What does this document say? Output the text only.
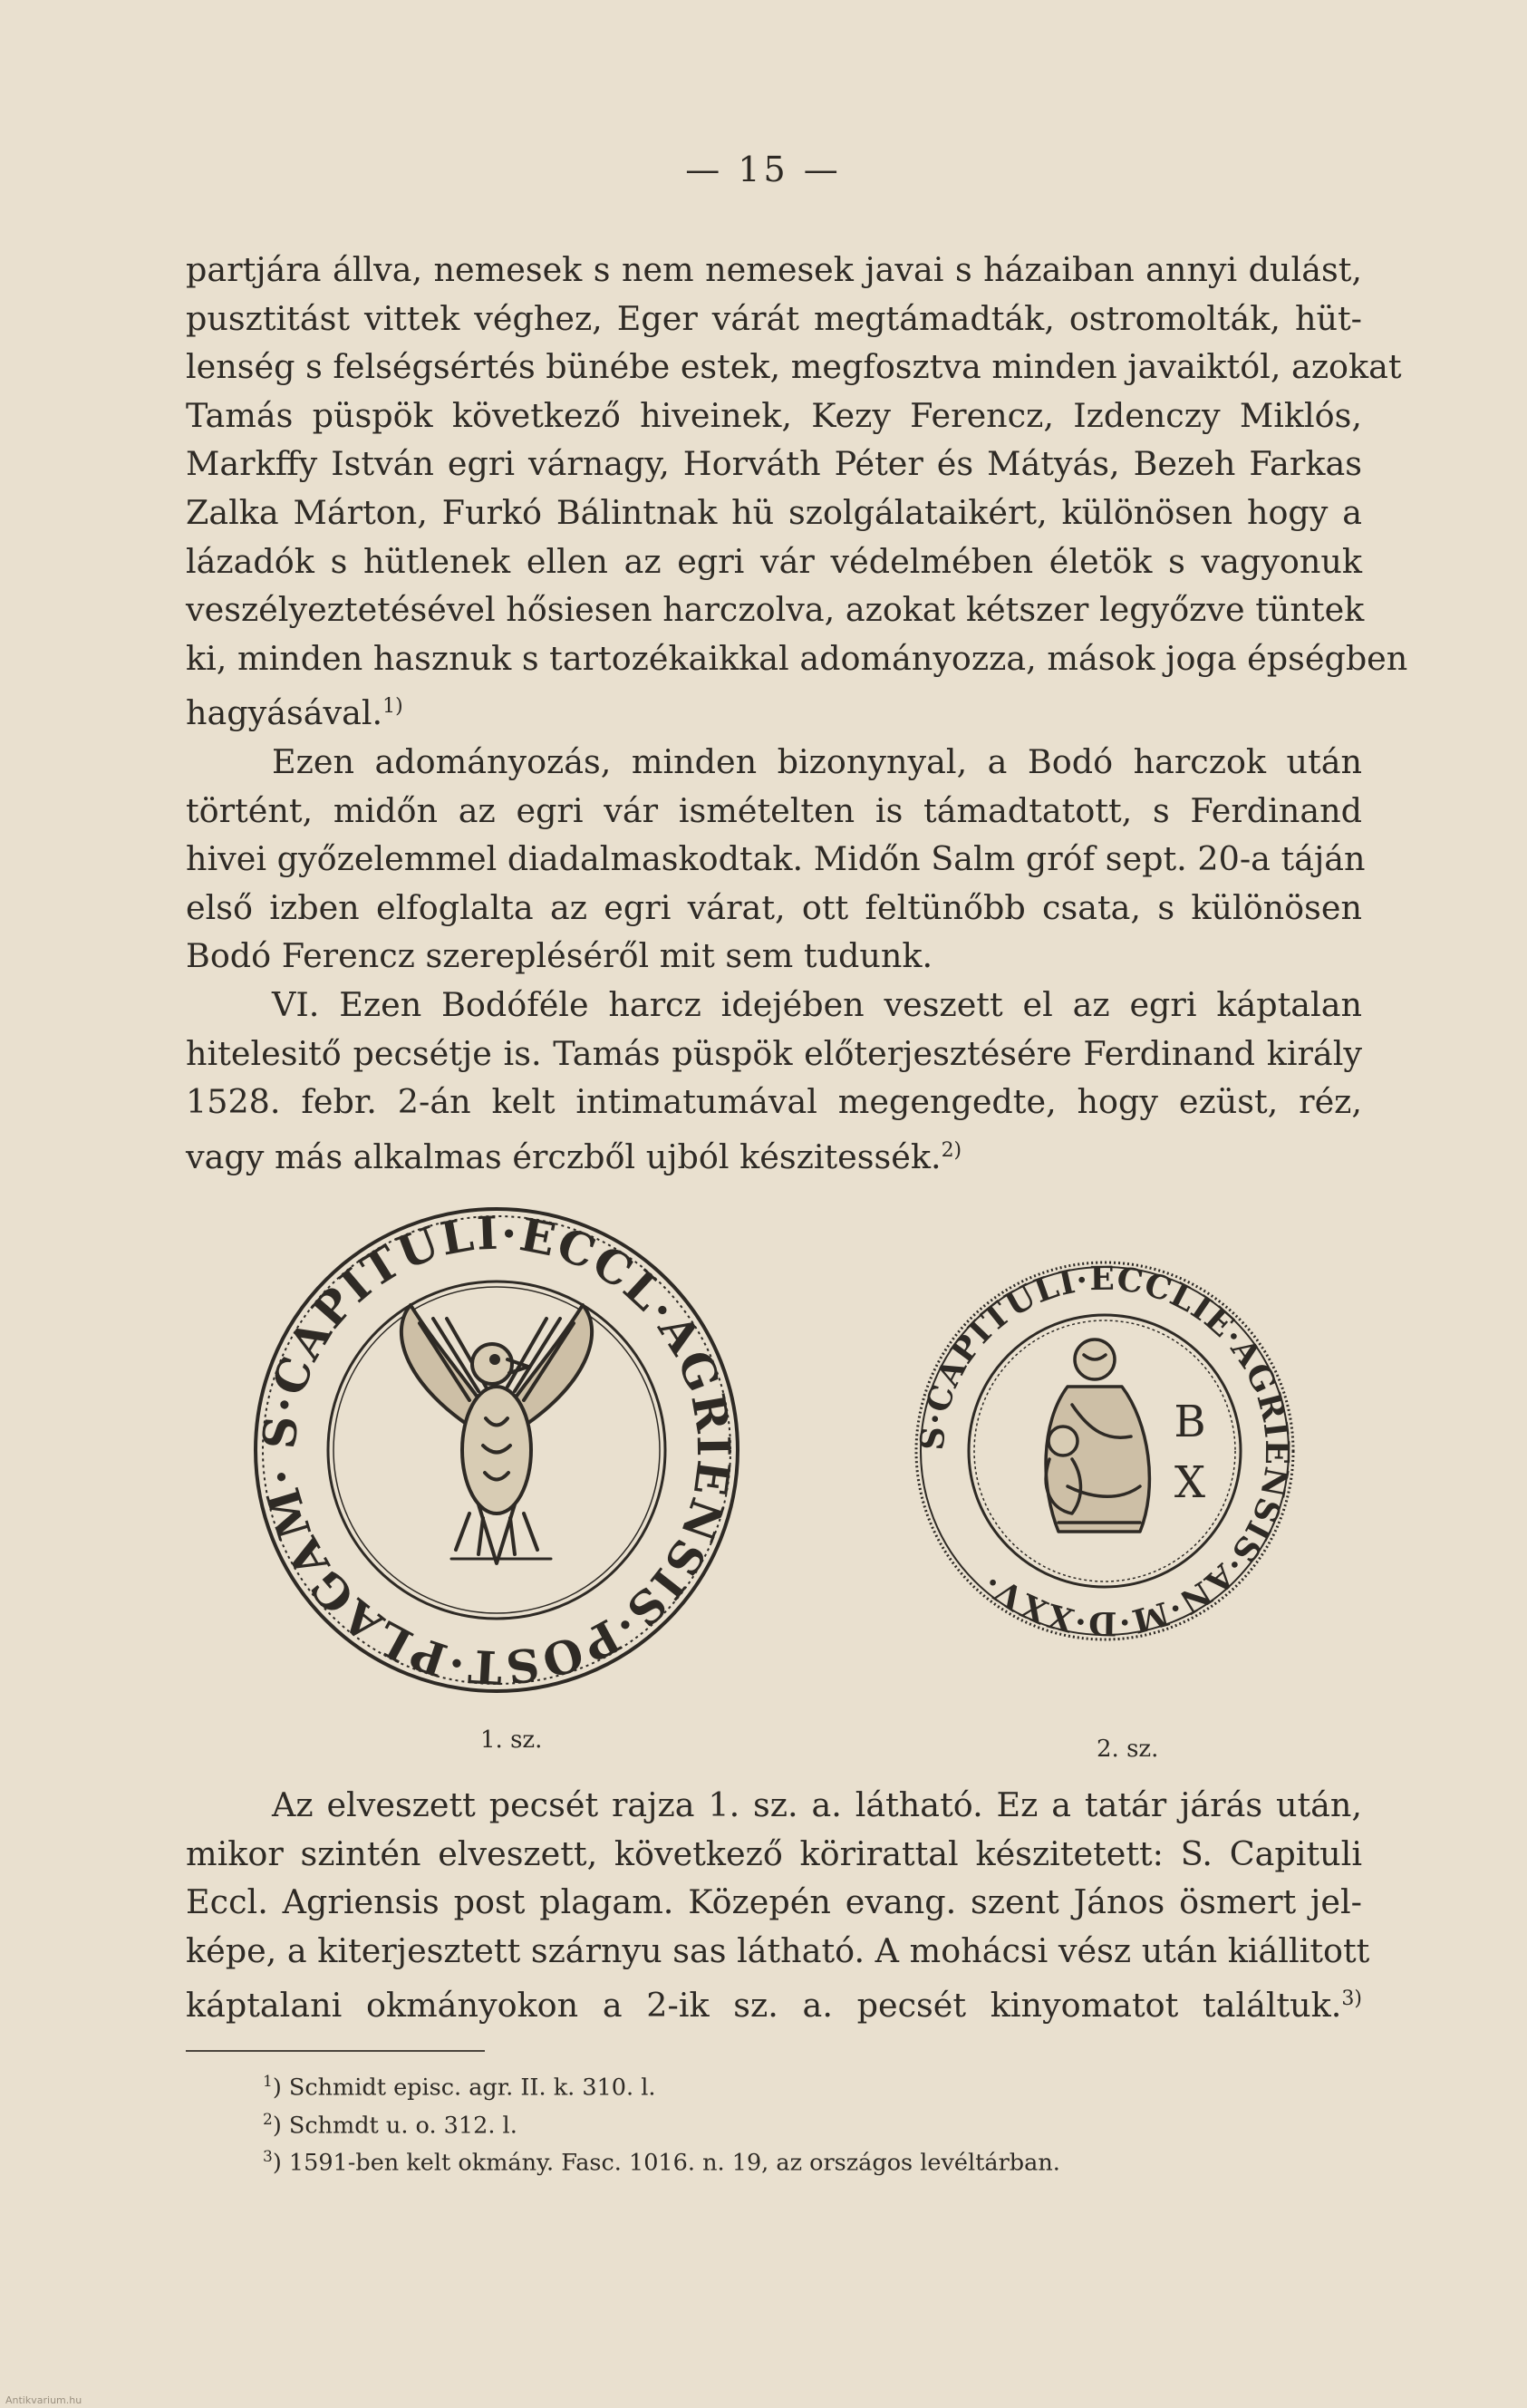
— 15 —
partjára állva, nemesek s nem nemesek javai s házaiban annyi dulást,
pusztitást vittek véghez, Eger várát megtámadták, ostromolták, hüt-
lenség s felségsértés bünébe estek, megfosztva minden javaiktól, azokat
Tamás püspök következő hiveinek, Kezy Ferencz, Izdenczy Miklós,
Markffy István egri várnagy, Horváth Péter és Mátyás, Bezeh Farkas
Zalka Márton, Furkó Bálintnak hü szolgálataikért, különösen hogy a
lázadók s hütlenek ellen az egri vár védelmében életök s vagyonuk
veszélyeztetésével hősiesen harczolva, azokat kétszer legyőzve tüntek
ki, minden hasznuk s tartozékaikkal adományozza, mások joga épségben
hagyásával.$^{1)}$
Ezen adományozás, minden bizonynyal, a Bodó harczok után
történt, midőn az egri vár ismételten is támadtatott, s Ferdinand
hivei győzelemmel diadalmaskodtak. Midőn Salm gróf sept. 20-a táján
első izben elfoglalta az egri várat, ott feltünőbb csata, s különösen
Bodó Ferencz szerepléséről mit sem tudunk.
VI. Ezen Bodóféle harcz idejében veszett el az egri káptalan
hitelesitő pecsétje is. Tamás püspök előterjesztésére Ferdinand király
1528. febr. 2-án kelt intimatumával megengedte, hogy ezüst, réz,
vagy más alkalmas érczből ujból készitessék.$^{2)}$
S·CAPITULI·ECCL·AGRIENSIS·POST·PLAGAM·
1. sz.
S·CAPITULI·ECCLIE·AGRIENSIS·AN·M·D·XXV·
B
X
2. sz.
Az elveszett pecsét rajza 1. sz. a. látható. Ez a tatár járás után,
mikor szintén elveszett, következő körirattal készitetett: S. Capituli
Eccl. Agriensis post plagam. Közepén evang. szent János ösmert jel-
képe, a kiterjesztett szárnyu sas látható. A mohácsi vész után kiállitott
káptalani okmányokon a 2-ik sz. a. pecsét kinyomatot találtuk.$^{3)}$
$^1$) Schmidt episc. agr. II. k. 310. l.
$^2$) Schmdt u. o. 312. l.
$^3$) 1591-ben kelt okmány. Fasc. 1016. n. 19, az országos levéltárban.
Antikvarium.hu
